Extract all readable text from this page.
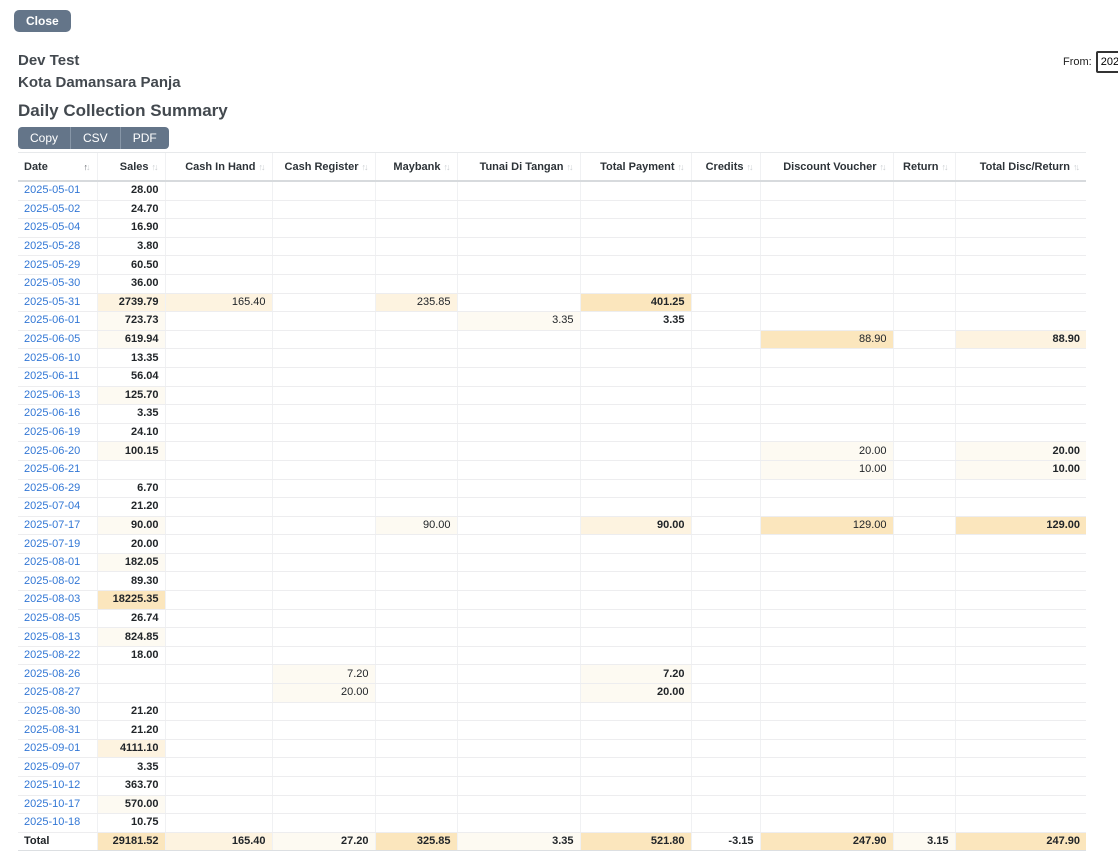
Close
From:
2025
Dev Test
Kota Damansara Panja
Daily Collection Summary
Copy	CSV	PDF
Date ↑↓	Sales ↑↓	Cash In Hand ↑↓	Cash Register ↑↓	Maybank ↑↓	Tunai Di Tangan ↑↓	Total Payment ↑↓	Credits ↑↓	Discount Voucher ↑↓	Return ↑↓	Total Disc/Return ↑↓

2025-05-01	28.00									
2025-05-02	24.70									
2025-05-04	16.90									
2025-05-28	3.80									
2025-05-29	60.50									
2025-05-30	36.00									
2025-05-31	2739.79	165.40		235.85		401.25				
2025-06-01	723.73				3.35	3.35				
2025-06-05	619.94							88.90		88.90
2025-06-10	13.35									
2025-06-11	56.04									
2025-06-13	125.70									
2025-06-16	3.35									
2025-06-19	24.10									
2025-06-20	100.15							20.00		20.00
2025-06-21								10.00		10.00
2025-06-29	6.70									
2025-07-04	21.20									
2025-07-17	90.00			90.00		90.00		129.00		129.00
2025-07-19	20.00									
2025-08-01	182.05									
2025-08-02	89.30									
2025-08-03	18225.35									
2025-08-05	26.74									
2025-08-13	824.85									
2025-08-22	18.00									
2025-08-26			7.20			7.20				
2025-08-27			20.00			20.00				
2025-08-30	21.20									
2025-08-31	21.20									
2025-09-01	4111.10									
2025-09-07	3.35									
2025-10-12	363.70									
2025-10-17	570.00									
2025-10-18	10.75									
Total	29181.52	165.40	27.20	325.85	3.35	521.80	-3.15	247.90	3.15	247.90
